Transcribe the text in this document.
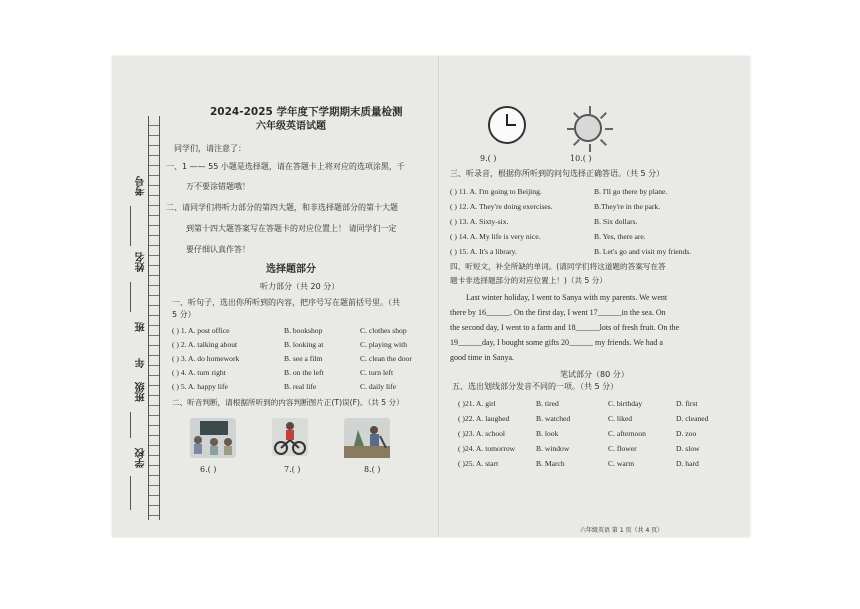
考号
姓名
班
年
班级
学校
2024-2025 学年度下学期期末质量检测
六年级英语试题
同学们，请注意了：
一、1 —— 55 小题是选择题，请在答题卡上将对应的选项涂黑，千
万不要涂错题哦！
二、请同学们将听力部分的第四大题，和非选择题部分的第十大题
到第十四大题答案写在答题卡的对应位置上！ 请同学们一定
要仔细认真作答！
选择题部分
听力部分（共 20 分）
一、听句子，选出你所听到的内容，把序号写在题前括号里。（共
5 分）
( ) 1. A. post office	B. bookshop	C. clothes shop
( ) 2. A. talking about	B. looking at	C. playing with
( ) 3. A. do homework	B. see a film	C. clean the door
( ) 4. A. turn right	B. on the left	C. turn left
( ) 5. A. happy life	B. real life	C. daily life
二、听音判断，请根据所听到的内容判断图片正(T)误(F)。（共 5 分）
6.( )	7.( )	8.( )
9.( )	10.( )
三、听录音，根据你所听到的问句选择正确答语。（共 5 分）
( ) 11. A. I'm going to Beijing.	B. I'll go there by plane.
( ) 12. A. They're doing exercises.	B.They're in the park.
( ) 13. A. Sixty-six.	B. Six dollars.
( ) 14. A. My life is very nice.	B. Yes, there are.
( ) 15. A. It's a library.	B. Let's go and visit my friends.
四、听短文，补全所缺的单词。(请同学们将这道题的答案写在答
题卡非选择题部分的对应位置上！)（共 5 分）
Last winter holiday, I went to Sanya with my parents. We went
there by 16______. On the first day, I went 17______in the sea. On
the second day, I went to a farm and 18______lots of fresh fruit. On the
19______day, I bought some gifts 20______ my friends. We had a
good time in Sanya.
笔试部分（80 分）
五、选出划线部分发音不同的一项。（共 5 分）
( )21. A. girl	B. tired	C. birthday	D. first
( )22. A. laughed	B. watched	C. liked	D. cleaned
( )23. A. school	B. look	C. afternoon	D. zoo
( )24. A. tomorrow	B. window	C. flower	D. slow
( )25. A. start	B. March	C. warm	D. hard
六年级英语 第 1 页（共 4 页）
